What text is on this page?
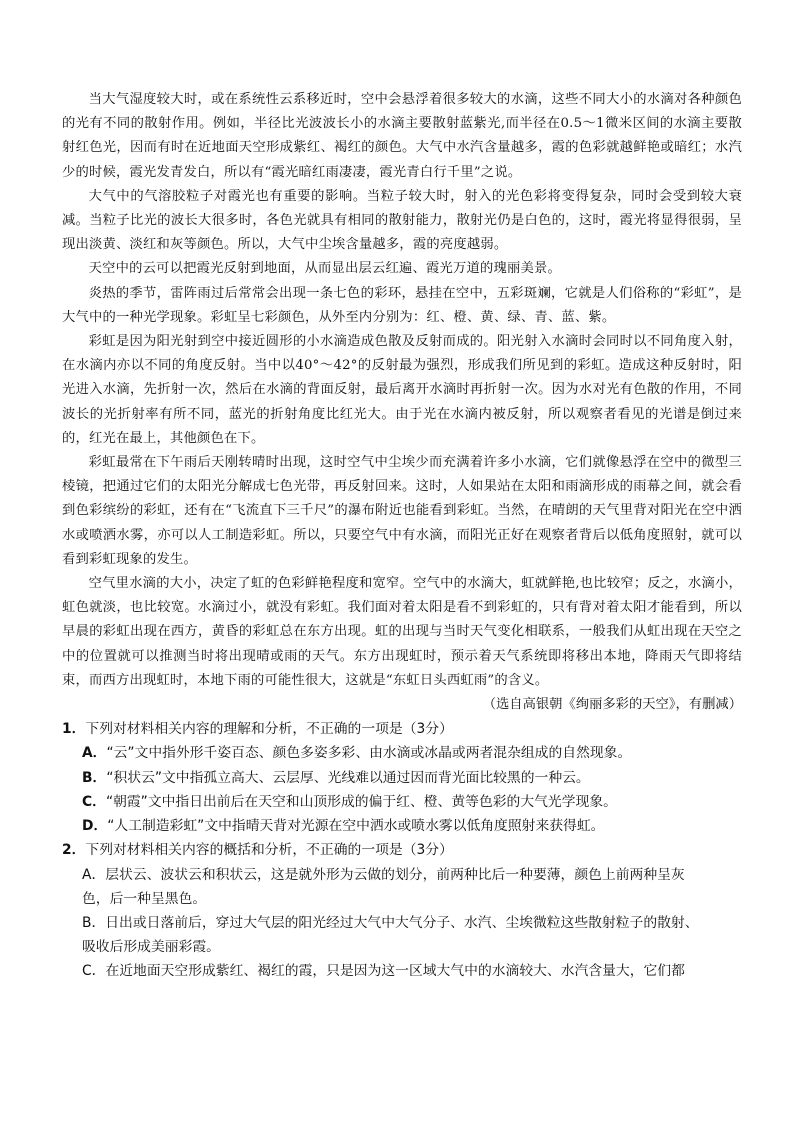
当大气湿度较大时，或在系统性云系移近时，空中会悬浮着很多较大的水滴，这些不同大小的水滴对各种颜色的光有不同的散射作用。例如，半径比光波波长小的水滴主要散射蓝紫光,而半径在0.5～1微米区间的水滴主要散射红色光，因而有时在近地面天空形成紫红、褐红的颜色。大气中水汽含量越多，霞的色彩就越鲜艳或暗红；水汽少的时候，霞光发青发白，所以有“霞光暗红雨凄凄，霞光青白行千里”之说。

大气中的气溶胶粒子对霞光也有重要的影响。当粒子较大时，射入的光色彩将变得复杂，同时会受到较大衰减。当粒子比光的波长大很多时，各色光就具有相同的散射能力，散射光仍是白色的，这时，霞光将显得很弱，呈现出淡黄、淡红和灰等颜色。所以，大气中尘埃含量越多，霞的亮度越弱。

天空中的云可以把霞光反射到地面，从而显出层云红遍、霞光万道的瑰丽美景。

炎热的季节，雷阵雨过后常常会出现一条七色的彩环，悬挂在空中，五彩斑斓，它就是人们俗称的“彩虹”，是大气中的一种光学现象。彩虹呈七彩颜色，从外至内分别为：红、橙、黄、绿、青、蓝、紫。

彩虹是因为阳光射到空中接近圆形的小水滴造成色散及反射而成的。阳光射入水滴时会同时以不同角度入射，在水滴内亦以不同的角度反射。当中以40°～42°的反射最为强烈，形成我们所见到的彩虹。造成这种反射时，阳光进入水滴，先折射一次，然后在水滴的背面反射，最后离开水滴时再折射一次。因为水对光有色散的作用，不同波长的光折射率有所不同，蓝光的折射角度比红光大。由于光在水滴内被反射，所以观察者看见的光谱是倒过来的，红光在最上，其他颜色在下。

彩虹最常在下午雨后天刚转晴时出现，这时空气中尘埃少而充满着许多小水滴，它们就像悬浮在空中的微型三棱镜，把通过它们的太阳光分解成七色光带，再反射回来。这时，人如果站在太阳和雨滴形成的雨幕之间，就会看到色彩缤纷的彩虹，还有在“飞流直下三千尺”的瀑布附近也能看到彩虹。当然，在晴朗的天气里背对阳光在空中洒水或喷洒水雾，亦可以人工制造彩虹。所以，只要空气中有水滴，而阳光正好在观察者背后以低角度照射，就可以看到彩虹现象的发生。

空气里水滴的大小，决定了虹的色彩鲜艳程度和宽窄。空气中的水滴大，虹就鲜艳,也比较窄；反之，水滴小，虹色就淡，也比较宽。水滴过小，就没有彩虹。我们面对着太阳是看不到彩虹的，只有背对着太阳才能看到，所以早晨的彩虹出现在西方，黄昏的彩虹总在东方出现。虹的出现与当时天气变化相联系，一般我们从虹出现在天空之中的位置就可以推测当时将出现晴或雨的天气。东方出现虹时，预示着天气系统即将移出本地，降雨天气即将结束，而西方出现虹时，本地下雨的可能性很大，这就是“东虹日头西虹雨”的含义。

（选自高银朝《绚丽多彩的天空》，有删减）

1．下列对材料相关内容的理解和分析，不正确的一项是（3分）

A．“云”文中指外形千姿百态、颜色多姿多彩、由水滴或冰晶或两者混杂组成的自然现象。

B．“积状云”文中指孤立高大、云层厚、光线难以通过因而背光面比较黑的一种云。

C．“朝霞”文中指日出前后在天空和山顶形成的偏于红、橙、黄等色彩的大气光学现象。

D．“人工制造彩虹”文中指晴天背对光源在空中洒水或喷水雾以低角度照射来获得虹。

2．下列对材料相关内容的概括和分析，不正确的一项是（3分）

A．层状云、波状云和积状云，这是就外形为云做的划分，前两种比后一种要薄，颜色上前两种呈灰
色，后一种呈黑色。

B．日出或日落前后，穿过大气层的阳光经过大气中大气分子、水汽、尘埃微粒这些散射粒子的散射、
吸收后形成美丽彩霞。

C．在近地面天空形成紫红、褐红的霞，只是因为这一区域大气中的水滴较大、水汽含量大，它们都
